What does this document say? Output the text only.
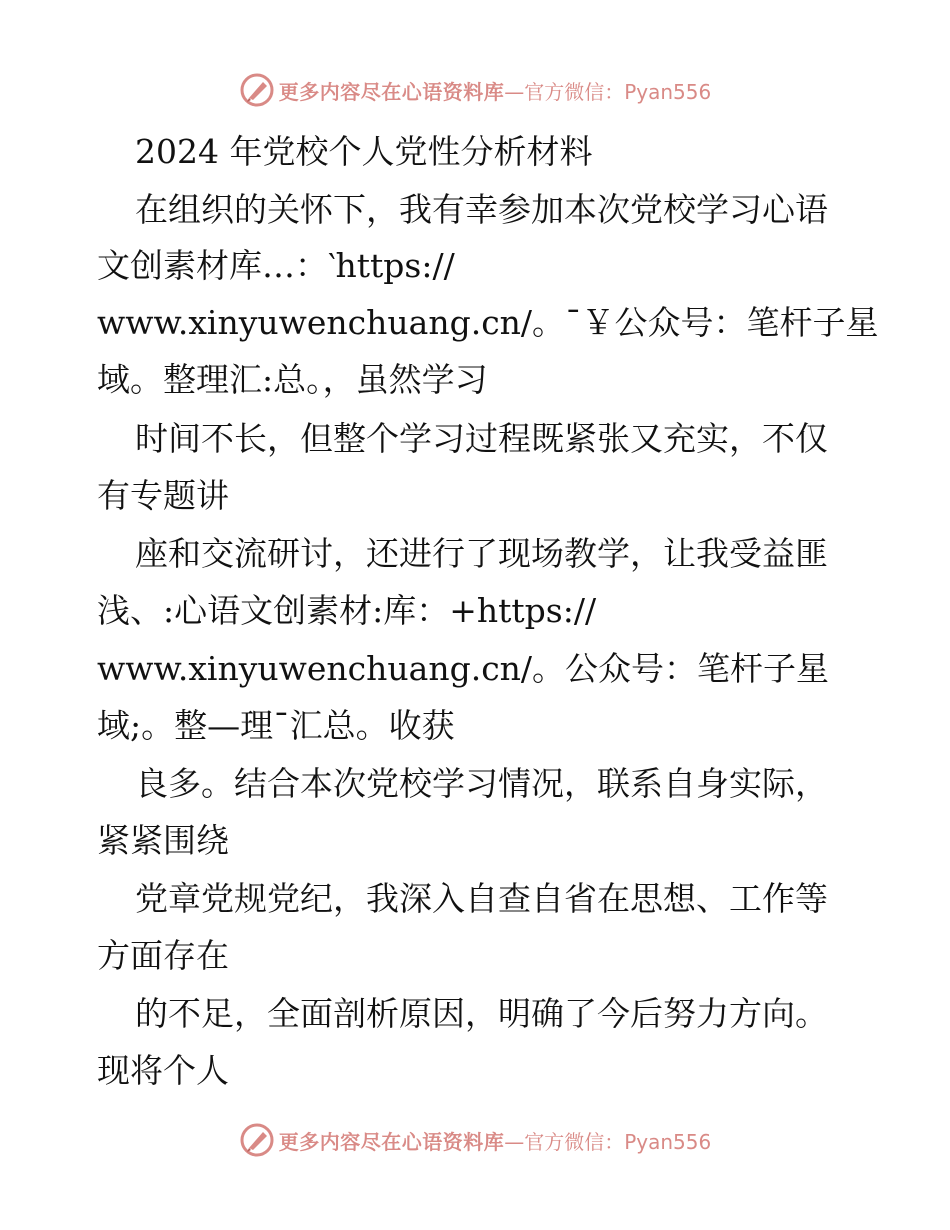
更多内容尽在心语资料库 —官方微信：Pyan556
2024 年党校个人党性分析材料
在组织的关怀下，我有幸参加本次党校学习心语
文创素材库…：‵https://
www.xinyuwenchuang.cn/。¯￥公众号：笔杆子星
域。整理汇:总。，虽然学习
时间不长，但整个学习过程既紧张又充实，不仅
有专题讲
座和交流研讨，还进行了现场教学，让我受益匪
浅、:心语文创素材:库：+https://
www.xinyuwenchuang.cn/。公众号：笔杆子星
域;。整—理¯汇总。收获
良多。结合本次党校学习情况，联系自身实际，
紧紧围绕
党章党规党纪，我深入自查自省在思想、工作等
方面存在
的不足，全面剖析原因，明确了今后努力方向。
现将个人
更多内容尽在心语资料库 —官方微信：Pyan556
